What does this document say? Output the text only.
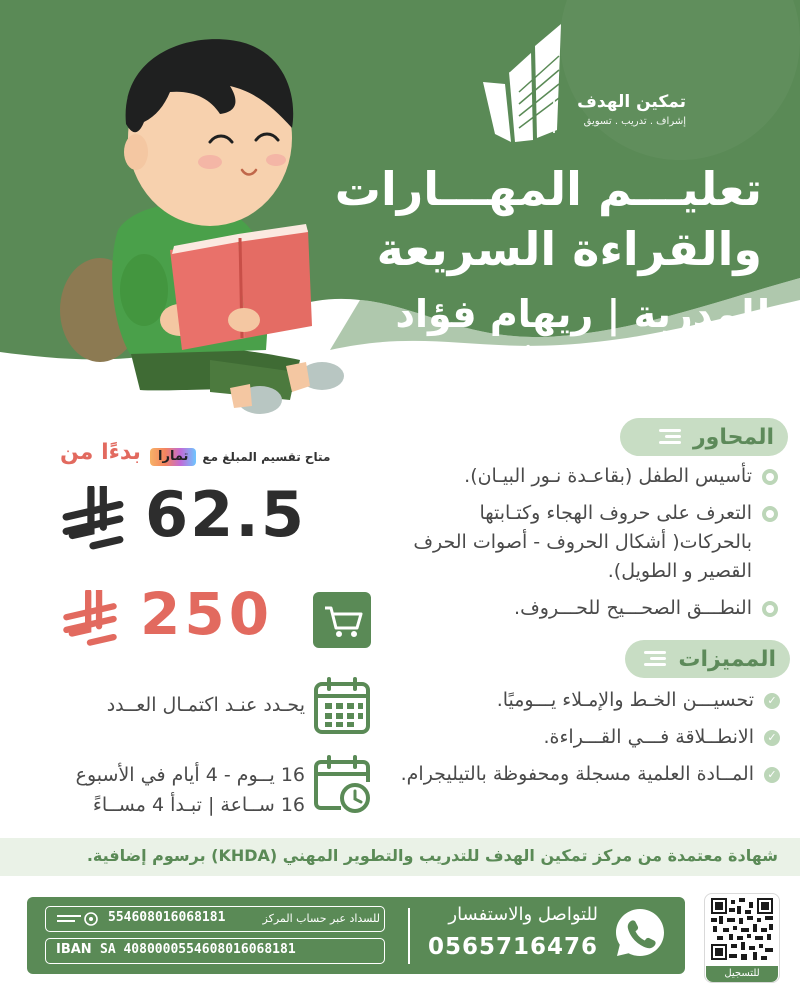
تمكين الهدف
إشراف . تدريب . تسويق
تعليـــم المهـــارات
والقراءة السريعة
للمدربة | ريهام فؤاد
متخصصة في تأسيس الأطفال
المحاور
تأسيس الطفل (بقاعـدة نـور البيـان).
التعرف على حروف الهجاء وكتـابتها بالحركات( أشكال الحروف - أصوات الحرف القصير و الطويل).
النطـــق الصحـــيح للحـــروف.
المميزات
✓
تحسيـــن الخـط والإمـلاء يـــوميًا.
✓
الانطــلاقة فـــي القـــراءة.
✓
المــادة العلمية مسجلة ومحفوظة بالتيليجرام.
بدءًا من	متاح تقسيم المبلغ مع
تمارا
62.5
250
يحـدد عنـد اكتمـال العــدد
16 يــوم - 4 أيام في الأسبوع
16 ســاعة | تبـدأ 4 مســاءً
شهادة معتمدة من مركز تمكين الهدف للتدريب والتطوير المهني (KHDA) برسوم إضافية.
554608016068181	للسداد عبر حساب المركز
IBAN SA 4080000554608016068181
للتواصل والاستفسار
0565716476
للتسجيل
